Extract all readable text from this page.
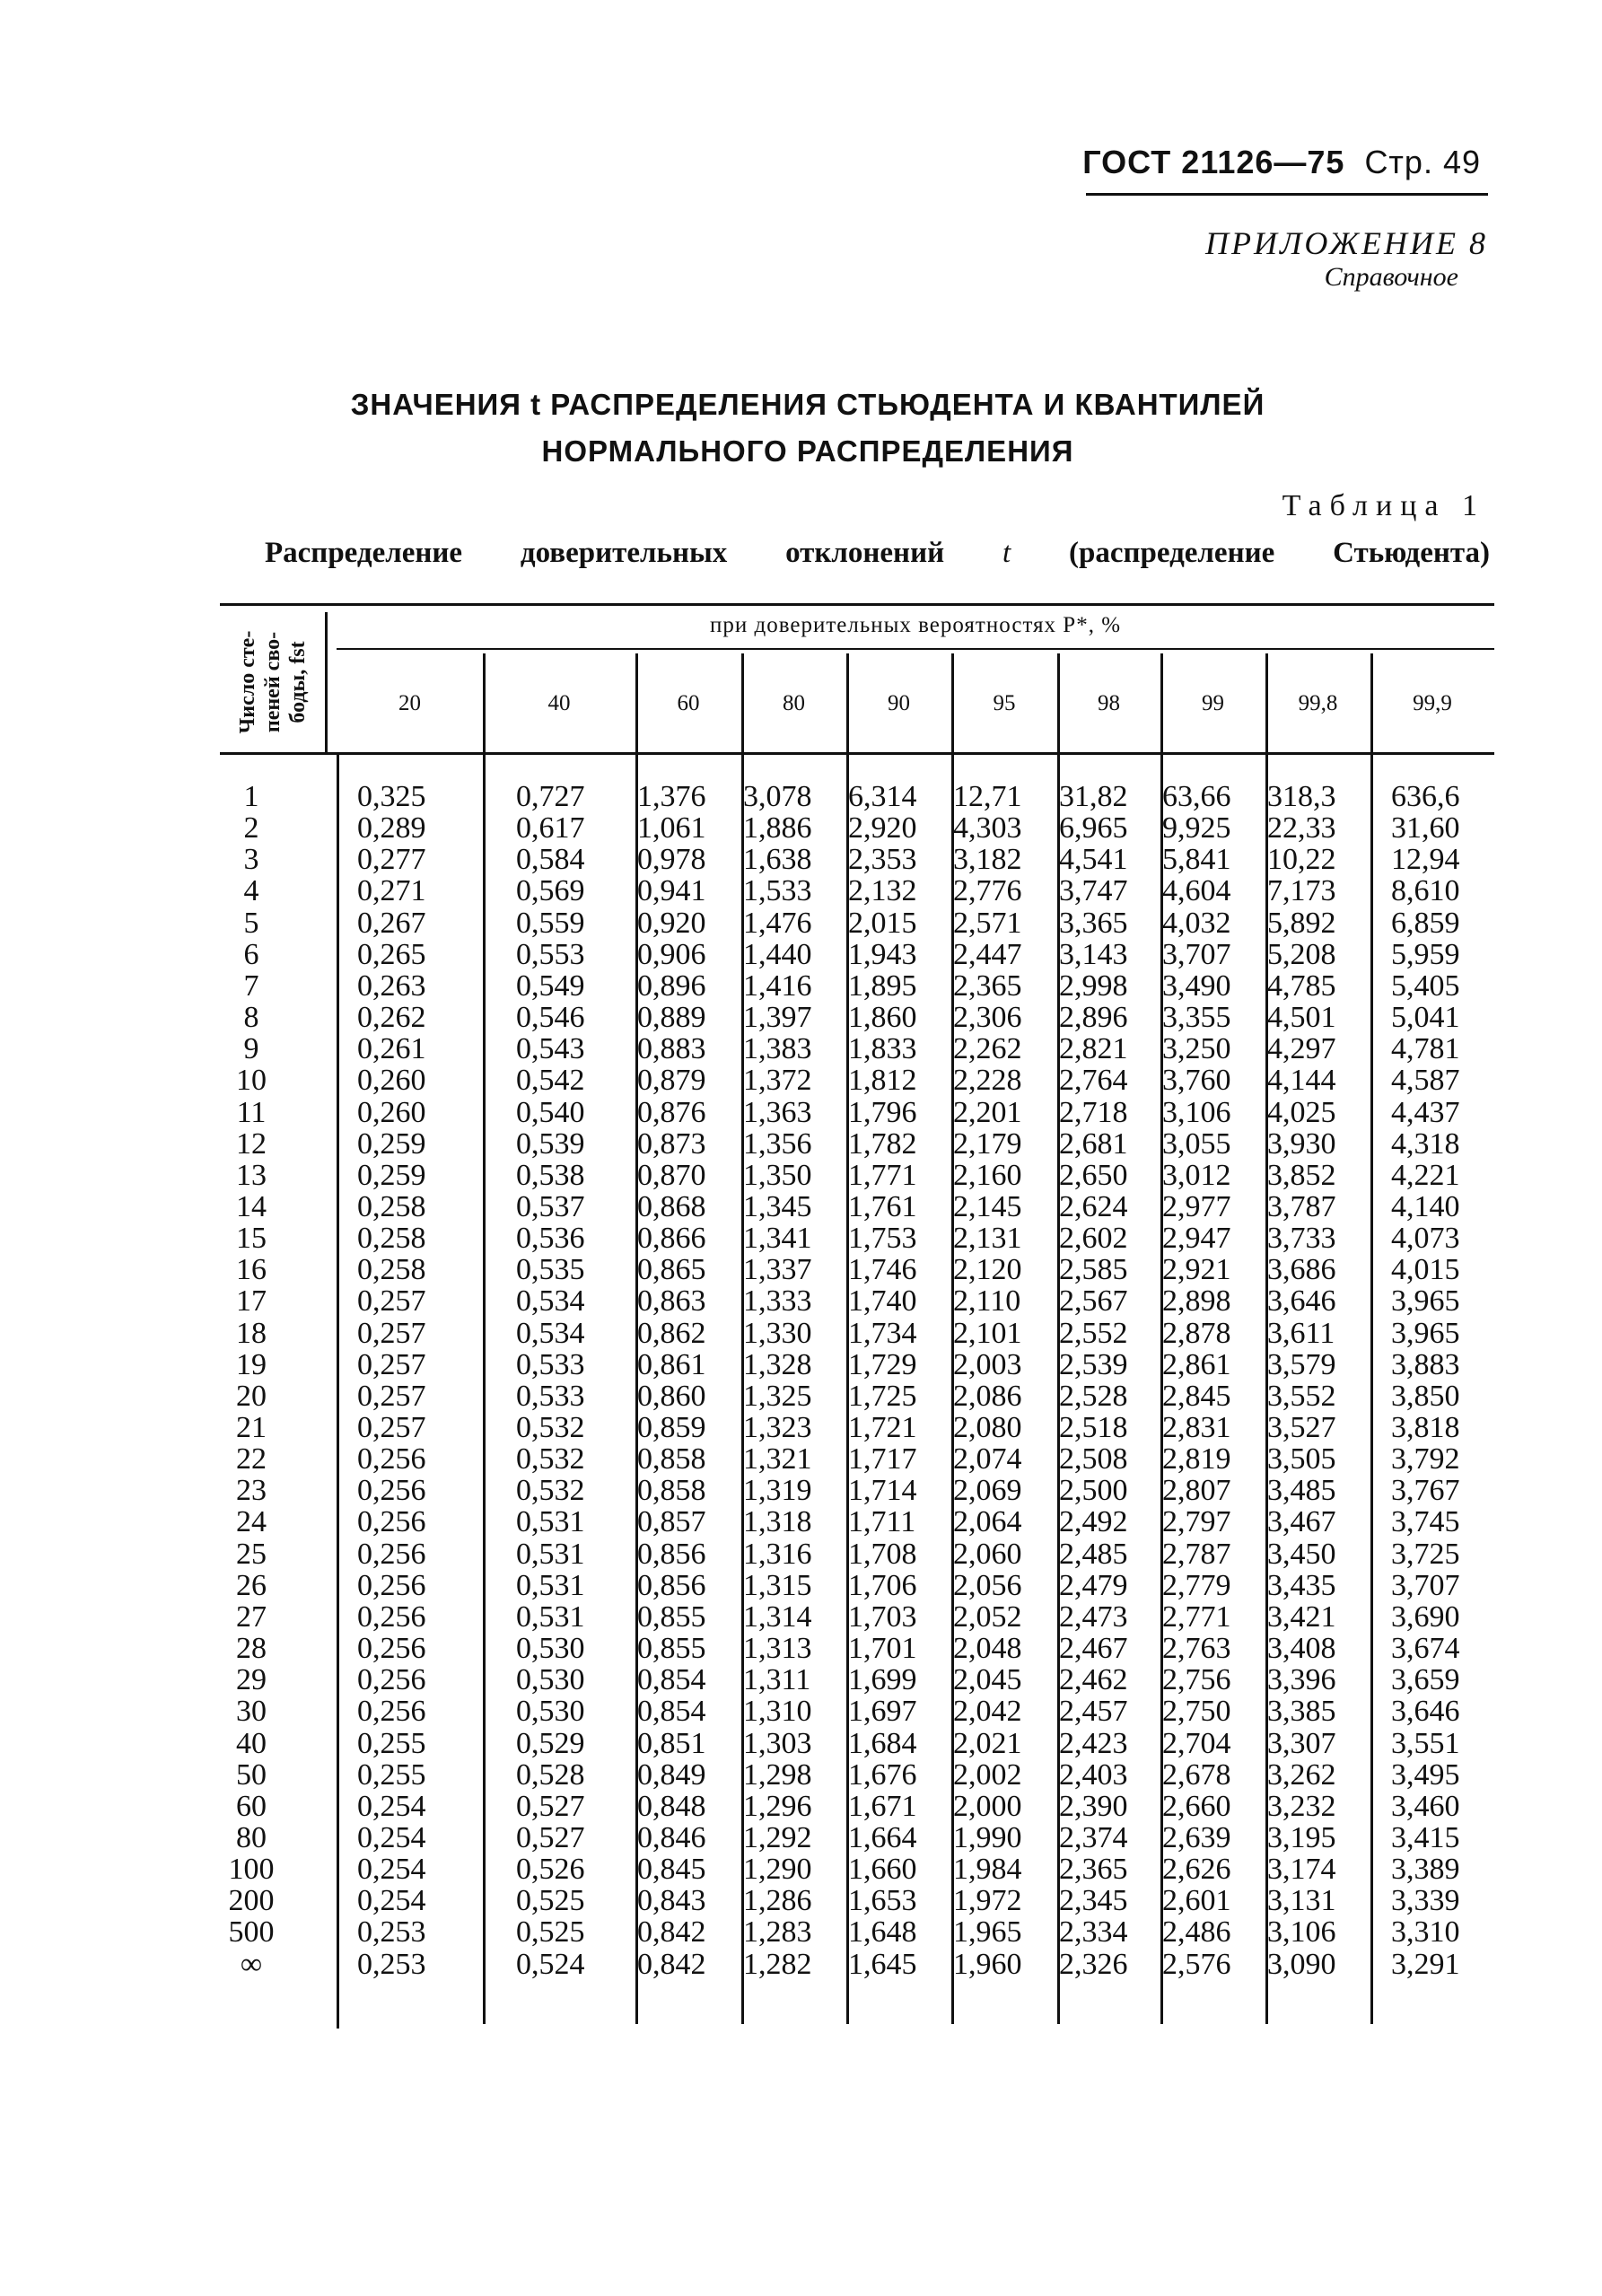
ГОСТ 21126—75 Стр. 49
ПРИЛОЖЕНИЕ 8
Справочное
ЗНАЧЕНИЯ t РАСПРЕДЕЛЕНИЯ СТЬЮДЕНТА И КВАНТИЛЕЙ
НОРМАЛЬНОГО РАСПРЕДЕЛЕНИЯ
Таблица 1
Распределение доверительных отклонений t (распределение Стьюдента)
Число сте- пеней сво- боды, fst
при доверительных вероятностях P*, %
20	40	60	80	90	95	98	99	99,8	99,9
1	0,325	0,727 1,376 3,078 6,314 12,71 31,82 63,66 318,3 636,6
2	0,289	0,617 1,061 1,886 2,920 4,303 6,965 9,925 22,33 31,60
3	0,277	0,584 0,978 1,638 2,353 3,182 4,541 5,841 10,22 12,94
4	0,271	0,569 0,941 1,533 2,132 2,776 3,747 4,604 7,173 8,610
5	0,267	0,559 0,920 1,476 2,015 2,571 3,365 4,032 5,892 6,859
6	0,265	0,553 0,906 1,440 1,943 2,447 3,143 3,707 5,208 5,959
7	0,263	0,549 0,896 1,416 1,895 2,365 2,998 3,490 4,785 5,405
8	0,262	0,546 0,889 1,397 1,860 2,306 2,896 3,355 4,501 5,041
9	0,261	0,543 0,883 1,383 1,833 2,262 2,821 3,250 4,297 4,781
10	0,260	0,542 0,879 1,372 1,812 2,228 2,764 3,760 4,144 4,587
11	0,260	0,540 0,876 1,363 1,796 2,201 2,718 3,106 4,025 4,437
12	0,259	0,539 0,873 1,356 1,782 2,179 2,681 3,055 3,930 4,318
13	0,259	0,538 0,870 1,350 1,771 2,160 2,650 3,012 3,852 4,221
14	0,258	0,537 0,868 1,345 1,761 2,145 2,624 2,977 3,787 4,140
15	0,258	0,536 0,866 1,341 1,753 2,131 2,602 2,947 3,733 4,073
16	0,258	0,535 0,865 1,337 1,746 2,120 2,585 2,921 3,686 4,015
17	0,257	0,534 0,863 1,333 1,740 2,110 2,567 2,898 3,646 3,965
18	0,257	0,534 0,862 1,330 1,734 2,101 2,552 2,878 3,611 3,965
19	0,257	0,533 0,861 1,328 1,729 2,003 2,539 2,861 3,579 3,883
20	0,257	0,533 0,860 1,325 1,725 2,086 2,528 2,845 3,552 3,850
21	0,257	0,532 0,859 1,323 1,721 2,080 2,518 2,831 3,527 3,818
22	0,256	0,532 0,858 1,321 1,717 2,074 2,508 2,819 3,505 3,792
23	0,256	0,532 0,858 1,319 1,714 2,069 2,500 2,807 3,485 3,767
24	0,256	0,531 0,857 1,318 1,711 2,064 2,492 2,797 3,467 3,745
25	0,256	0,531 0,856 1,316 1,708 2,060 2,485 2,787 3,450 3,725
26	0,256	0,531 0,856 1,315 1,706 2,056 2,479 2,779 3,435 3,707
27	0,256	0,531 0,855 1,314 1,703 2,052 2,473 2,771 3,421 3,690
28	0,256	0,530 0,855 1,313 1,701 2,048 2,467 2,763 3,408 3,674
29	0,256	0,530 0,854 1,311 1,699 2,045 2,462 2,756 3,396 3,659
30	0,256	0,530 0,854 1,310 1,697 2,042 2,457 2,750 3,385 3,646
40	0,255	0,529 0,851 1,303 1,684 2,021 2,423 2,704 3,307 3,551
50	0,255	0,528 0,849 1,298 1,676 2,002 2,403 2,678 3,262 3,495
60	0,254	0,527 0,848 1,296 1,671 2,000 2,390 2,660 3,232 3,460
80	0,254	0,527 0,846 1,292 1,664 1,990 2,374 2,639 3,195 3,415
100	0,254	0,526 0,845 1,290 1,660 1,984 2,365 2,626 3,174 3,389
200	0,254	0,525 0,843 1,286 1,653 1,972 2,345 2,601 3,131 3,339
500	0,253	0,525 0,842 1,283 1,648 1,965 2,334 2,486 3,106 3,310
∞	0,253	0,524 0,842 1,282 1,645 1,960 2,326 2,576 3,090 3,291
